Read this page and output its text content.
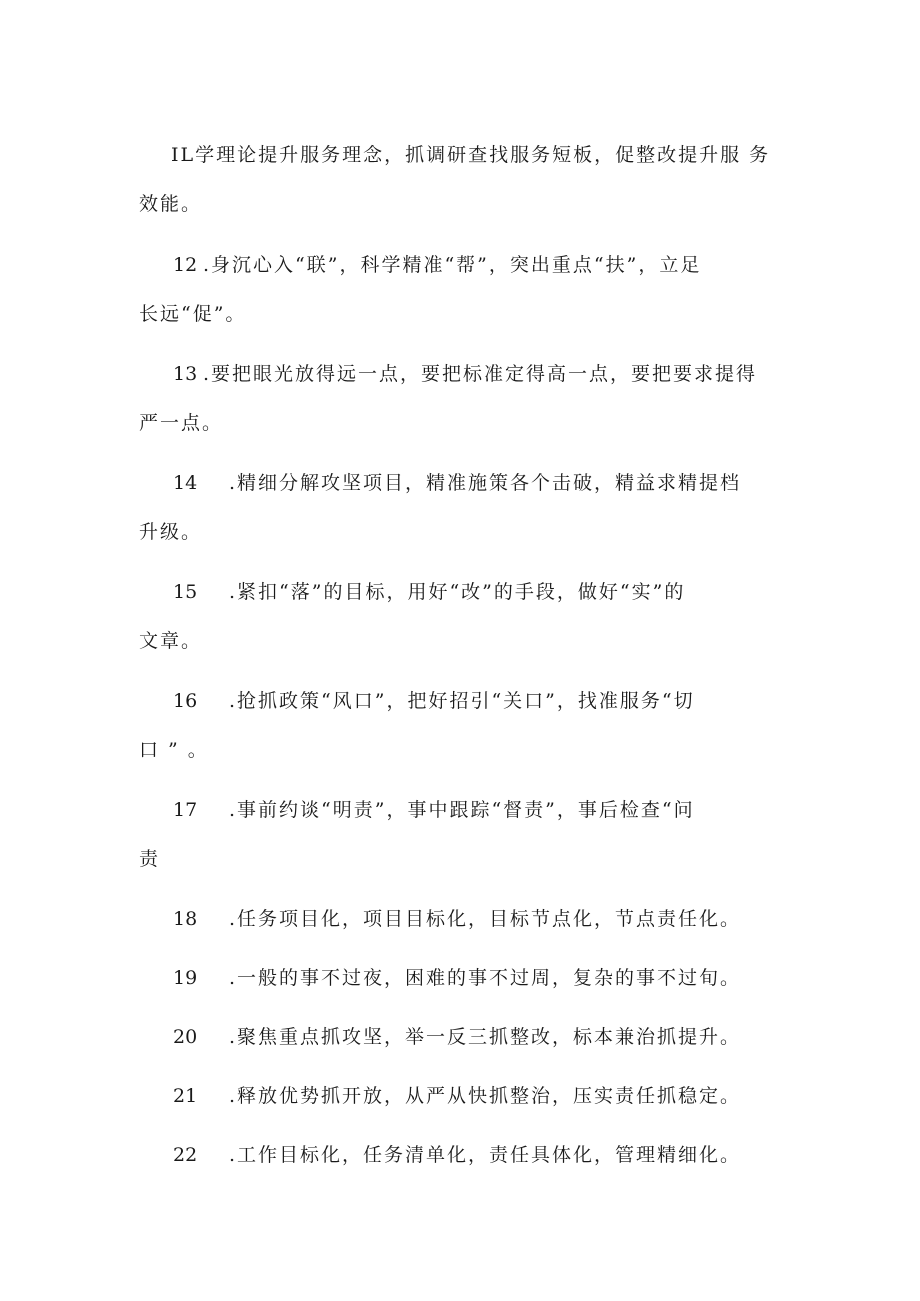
IL学理论提升服务理念，抓调研查找服务短板，促整改提升服 务
效能。
12 .身沉心入“联”，科学精准“帮”，突出重点“扶”，立足
长远“促”。
13 .要把眼光放得远一点，要把标准定得高一点，要把要求提得
严一点。
14 .精细分解攻坚项目，精准施策各个击破，精益求精提档
升级。
15 .紧扣“落”的目标，用好“改”的手段，做好“实”的
文章。
16 .抢抓政策“风口”，把好招引“关口”，找准服务“切
口 ” 。
17 .事前约谈“明责”，事中跟踪“督责”，事后检查“问
责
18 .任务项目化，项目目标化，目标节点化，节点责任化。
19 .一般的事不过夜，困难的事不过周，复杂的事不过旬。
20 .聚焦重点抓攻坚，举一反三抓整改，标本兼治抓提升。
21 .释放优势抓开放，从严从快抓整治，压实责任抓稳定。
22 .工作目标化，任务清单化，责任具体化，管理精细化。
